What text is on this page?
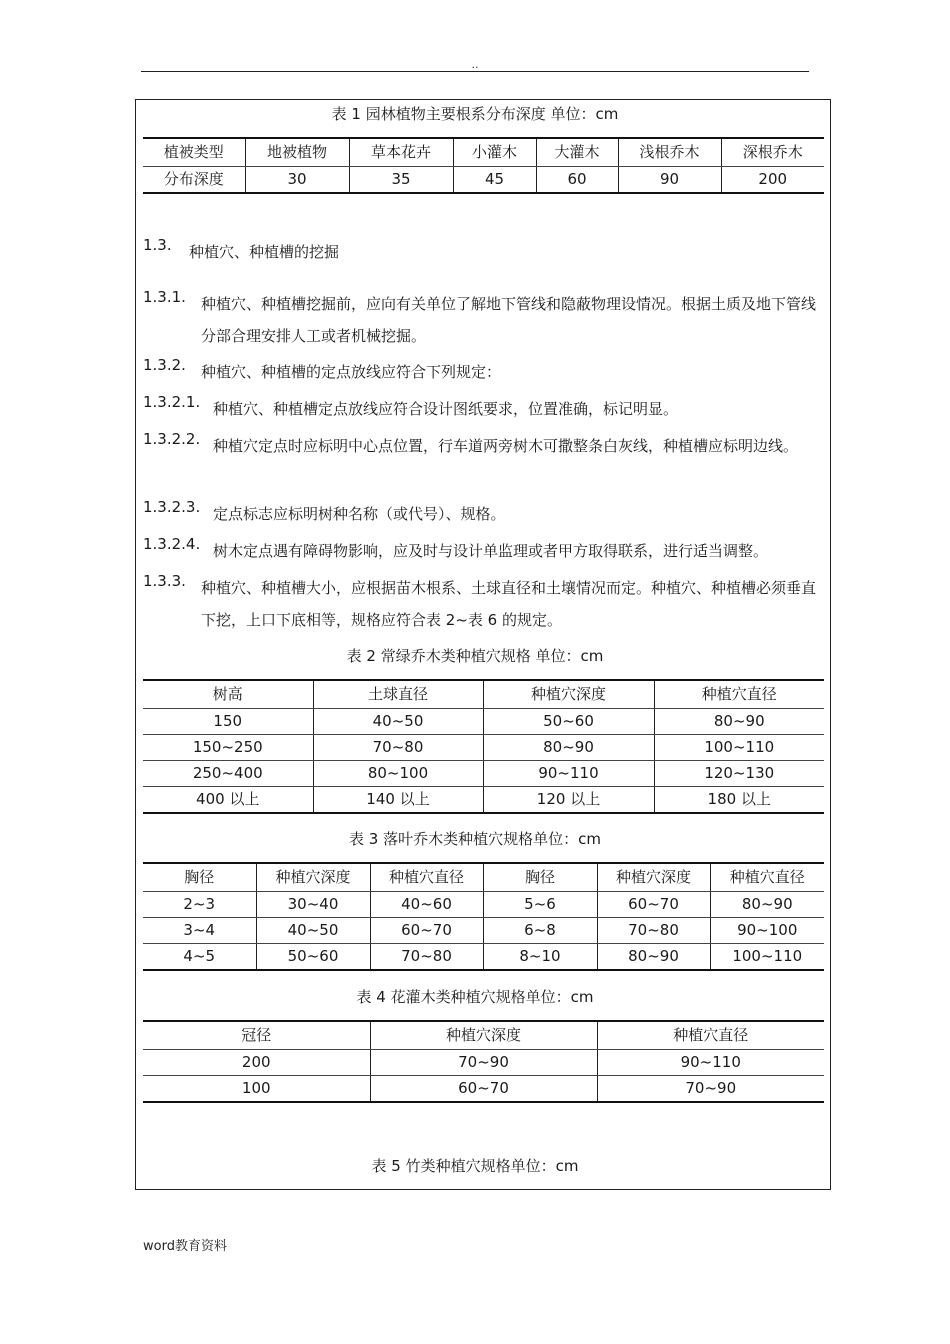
..
表 1 园林植物主要根系分布深度 单位：cm
植被类型	地被植物	草本花卉	小灌木	大灌木	浅根乔木	深根乔木
分布深度	30	35	45	60	90	200
1.3.	种植穴、种植槽的挖掘
1.3.1.	种植穴、种植槽挖掘前，应向有关单位了解地下管线和隐蔽物理设情况。根据土质及地下管线分部合理安排人工或者机械挖掘。
1.3.2.	种植穴、种植槽的定点放线应符合下列规定：
1.3.2.1. 种植穴、种植槽定点放线应符合设计图纸要求，位置准确，标记明显。
1.3.2.2. 种植穴定点时应标明中心点位置，行车道两旁树木可撒整条白灰线，种植槽应标明边线。
1.3.2.3. 定点标志应标明树种名称（或代号）、规格。
1.3.2.4. 树木定点遇有障碍物影响，应及时与设计单监理或者甲方取得联系，进行适当调整。
1.3.3.	种植穴、种植槽大小，应根据苗木根系、土球直径和土壤情况而定。种植穴、种植槽必须垂直下挖，上口下底相等，规格应符合表 2~表 6 的规定。
表 2 常绿乔木类种植穴规格 单位：cm
树高	土球直径	种植穴深度	种植穴直径
150	40~50	50~60	80~90
150~250	70~80	80~90	100~110
250~400	80~100	90~110	120~130
400 以上	140 以上	120 以上	180 以上
表 3 落叶乔木类种植穴规格单位：cm
胸径	种植穴深度	种植穴直径	胸径	种植穴深度	种植穴直径
2~3	30~40	40~60	5~6	60~70	80~90
3~4	40~50	60~70	6~8	70~80	90~100
4~5	50~60	70~80	8~10	80~90	100~110
表 4 花灌木类种植穴规格单位：cm
冠径	种植穴深度	种植穴直径
200	70~90	90~110
100	60~70	70~90
表 5 竹类种植穴规格单位：cm
word教育资料
